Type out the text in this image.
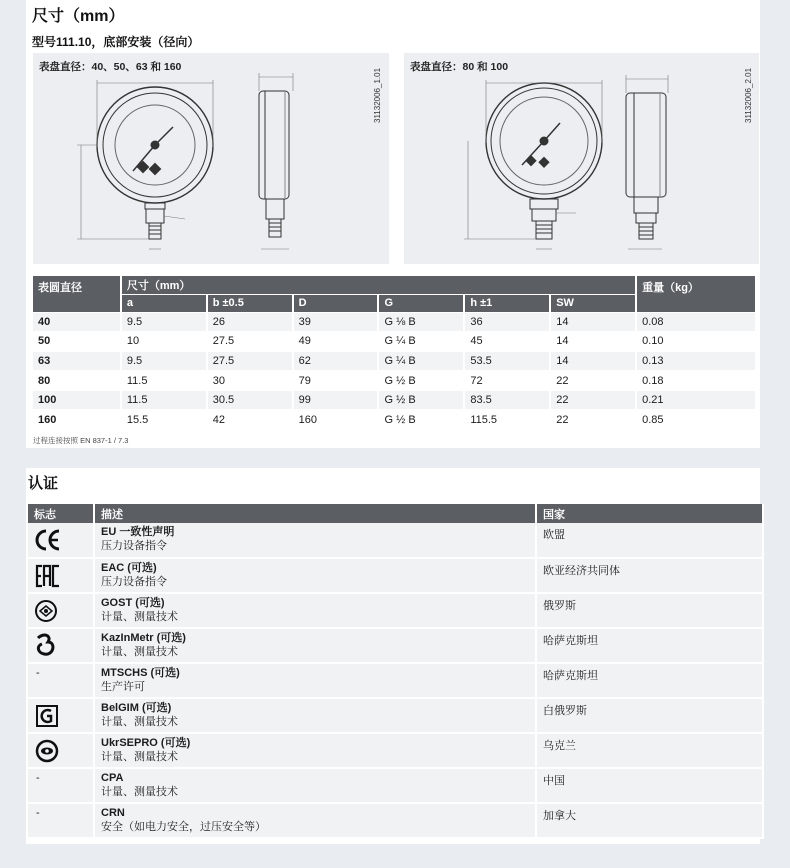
尺寸（mm）
型号111.10，底部安装（径向）
表盘直径：40、50、63 和 160
31132006_1.01
表盘直径：80 和 100
31132006_2.01
表圆直径	尺寸（mm）						重量（kg）
	a	b ±0.5	D	G	h ±1	SW	
40	9.5	26	39	G ⅛ B	36	14	0.08
50	10	27.5	49	G ¼ B	45	14	0.10
63	9.5	27.5	62	G ¼ B	53.5	14	0.13
80	11.5	30	79	G ½ B	72	22	0.18
100	11.5	30.5	99	G ½ B	83.5	22	0.21
160	15.5	42	160	G ½ B	115.5	22	0.85
过程连接按照 EN 837-1 / 7.3
认证
标志	描述	国家

EU 一致性声明
压力设备指令	欧盟

EAC (可选)
压力设备指令	欧亚经济共同体

GOST (可选)
计量、测量技术	俄罗斯

KazInMetr (可选)
计量、测量技术	哈萨克斯坦
-	MTSCHS (可选)
生产许可	哈萨克斯坦

BelGIM (可选)
计量、测量技术	白俄罗斯

UkrSEPRO (可选)
计量、测量技术	乌克兰
-	CPA
计量、测量技术	中国
-	CRN
安全（如电力安全，过压安全等）	加拿大
